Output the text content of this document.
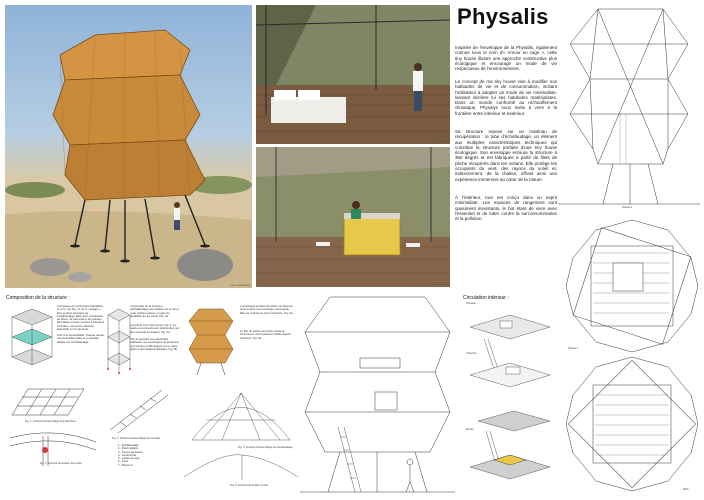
Vue extérieure
Vue intérieure
Vue intérieure
Physalis

Inspirée de l'enveloppe de la Physalis, également connue sous le nom d'« Amour en cage », cette tiny house illustre une approche constructive plus écologique et encourage un mode de vie respectueux de l'environnement.

Le concept de ma tiny house vise à modifier nos habitudes de vie et de consommation, incitant l'utilisateur à adopter un mode de vie minimaliste, laissant derrière lui ses habitudes matérialistes. Dans un monde confronté au réchauffement climatique, Physalys nous invite à vivre à la frontière entre intérieur et extérieur.

Sa structure repose sur un matériau de récupération : le tube d'échafaudage, un élément aux multiples caractéristiques techniques qui constitue la structure parfaite d'une tiny house écologique. Son enveloppe entoure la structure à 360 degrés et est fabriquée à partir de filets de pêche récupérés dans les océans. Elle protège les occupants du vent, des rayons du soleil et, indirectement, de la chaleur, offrant ainsi une expérience immersive au cœur de la nature.

À l'intérieur, tout est conçu dans un esprit minimaliste. Les espaces de rangement sont quasiment inexistants, le but étant de vivre avec l'essentiel et de lutter contre la surconsommation et la pollution.

Niveau 2
Niveau 1
RDC
Composition de la structure :

Composée de 3 planchers habitables (1 et 2, non Fig. 1), de 3 « étages ». Des poutres reposent sur l'échafaudage. Elles sont constituées de tubes, de raccords et de poteaux. Des lattes en bois, perçant à l'avant et à l'arrière, forment le plancher assemblé sur la structure.

Pour une accessibilité, chaque niveau est accessible grâce à un escalier adapté sur l'échafaudage.

L'ensemble de la structure d'échafaudage est installée sur le sol et cette solution assure un gain de durabilité sur les pieds. Fig. 3a.

Les pieds sont fixés au sol, Fig. 4. Le cadre est connecté aux lambourdes par des raccords de fixation. Fig. 5a.

Afin de garantir une étanchéité suffisante, les enveloppes de protection sont posées à 360 degrés sur le cadre grâce à des fixations latérales. Fig. 5b.

L'enveloppe en filets de pêche est fixée de sorte à avoir une enveloppe semi-rigide. Elle est maintenue par la structure. Fig. 6a.

Le filet de pêche est tendu contre la structure et rend l'extérieur visible depuis l'intérieur. Fig. 6b.

Fig. 1. Schéma d'assemblage des planchers
Fig. 2. Schéma d'assemblage de l'escalier
Fig. 3. Schéma d'assemblage de l'échafaudage
Fig. 4. Schéma de fixation des tubes
Fig. 5. Schéma de fixation du filet
1 - Échafaudage
2 - Pied réglable
3 - Poutre de liaison
4 - Lambourde
5 - Lattes de bois
6 - Tube
7 - Raccord
Circulation intérieur :
Terrasse
Chambre
Entrée
